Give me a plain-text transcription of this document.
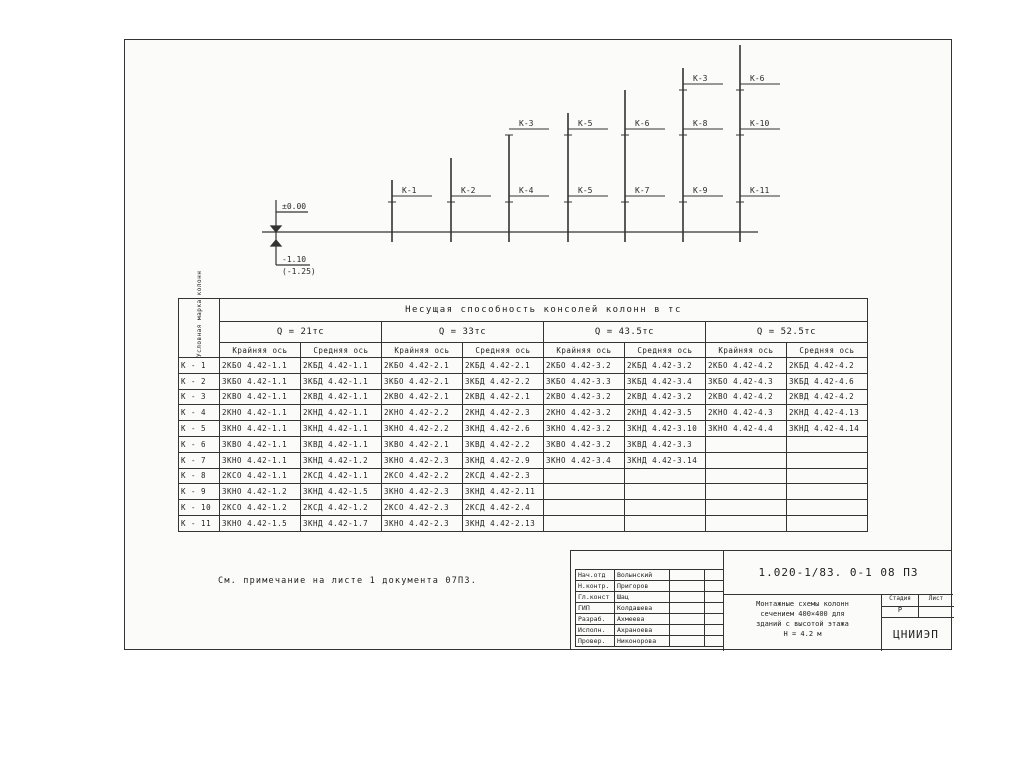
К-1	К-2	К-4
К-3
К-5
К-5
К-7
К-6
К-9
К-8
К-3
К-11
К-10
К-6
±0.00
-1.10
(-1.25)
Условная марка колонн	Несущая способность консолей колонн в тс							
	Q = 21тс		Q = 33тс		Q = 43.5тс		Q = 52.5тс	
	Крайняя ось	Средняя ось	Крайняя ось	Средняя ось	Крайняя ось	Средняя ось	Крайняя ось	Средняя ось
К - 1	2КБО 4.42-1.1	2КБД 4.42-1.1	2КБО 4.42-2.1	2КБД 4.42-2.1	2КБО 4.42-3.2	2КБД 4.42-3.2	2КБО 4.42-4.2	2КБД 4.42-4.2
К - 2	3КБО 4.42-1.1	3КБД 4.42-1.1	3КБО 4.42-2.1	3КБД 4.42-2.2	3КБО 4.42-3.3	3КБД 4.42-3.4	3КБО 4.42-4.3	3КБД 4.42-4.6
К - 3	2КВО 4.42-1.1	2КВД 4.42-1.1	2КВО 4.42-2.1	2КВД 4.42-2.1	2КВО 4.42-3.2	2КВД 4.42-3.2	2КВО 4.42-4.2	2КВД 4.42-4.2
К - 4	2КНО 4.42-1.1	2КНД 4.42-1.1	2КНО 4.42-2.2	2КНД 4.42-2.3	2КНО 4.42-3.2	2КНД 4.42-3.5	2КНО 4.42-4.3	2КНД 4.42-4.13
К - 5	3КНО 4.42-1.1	3КНД 4.42-1.1	3КНО 4.42-2.2	3КНД 4.42-2.6	3КНО 4.42-3.2	3КНД 4.42-3.10	3КНО 4.42-4.4	3КНД 4.42-4.14
К - 6	3КВО 4.42-1.1	3КВД 4.42-1.1	3КВО 4.42-2.1	3КВД 4.42-2.2	3КВО 4.42-3.2	3КВД 4.42-3.3		
К - 7	3КНО 4.42-1.1	3КНД 4.42-1.2	3КНО 4.42-2.3	3КНД 4.42-2.9	3КНО 4.42-3.4	3КНД 4.42-3.14		
К - 8	2КСО 4.42-1.1	2КСД 4.42-1.1	2КСО 4.42-2.2	2КСД 4.42-2.3				
К - 9	3КНО 4.42-1.2	3КНД 4.42-1.5	3КНО 4.42-2.3	3КНД 4.42-2.11				
К - 10	2КСО 4.42-1.2	2КСД 4.42-1.2	2КСО 4.42-2.3	2КСД 4.42-2.4				
К - 11	3КНО 4.42-1.5	3КНД 4.42-1.7	3КНО 4.42-2.3	3КНД 4.42-2.13				
См. примечание на листе 1 документа 07ПЗ.
1.020-1/83. 0-1 08 ПЗ
Монтажные схемы колонн
сечением 400×400 для
зданий с высотой этажа
Н = 4.2 м
Стадия	Лист
Р
ЦНИИЭП
Нач.отд	Волынский		
Н.контр.	Пригоров		
Гл.конст	Шац		
ГИП	Колдашева		
Разраб.	Ахмеева		
Исполн.	Ахраноева		
Провер.	Никонорова		
